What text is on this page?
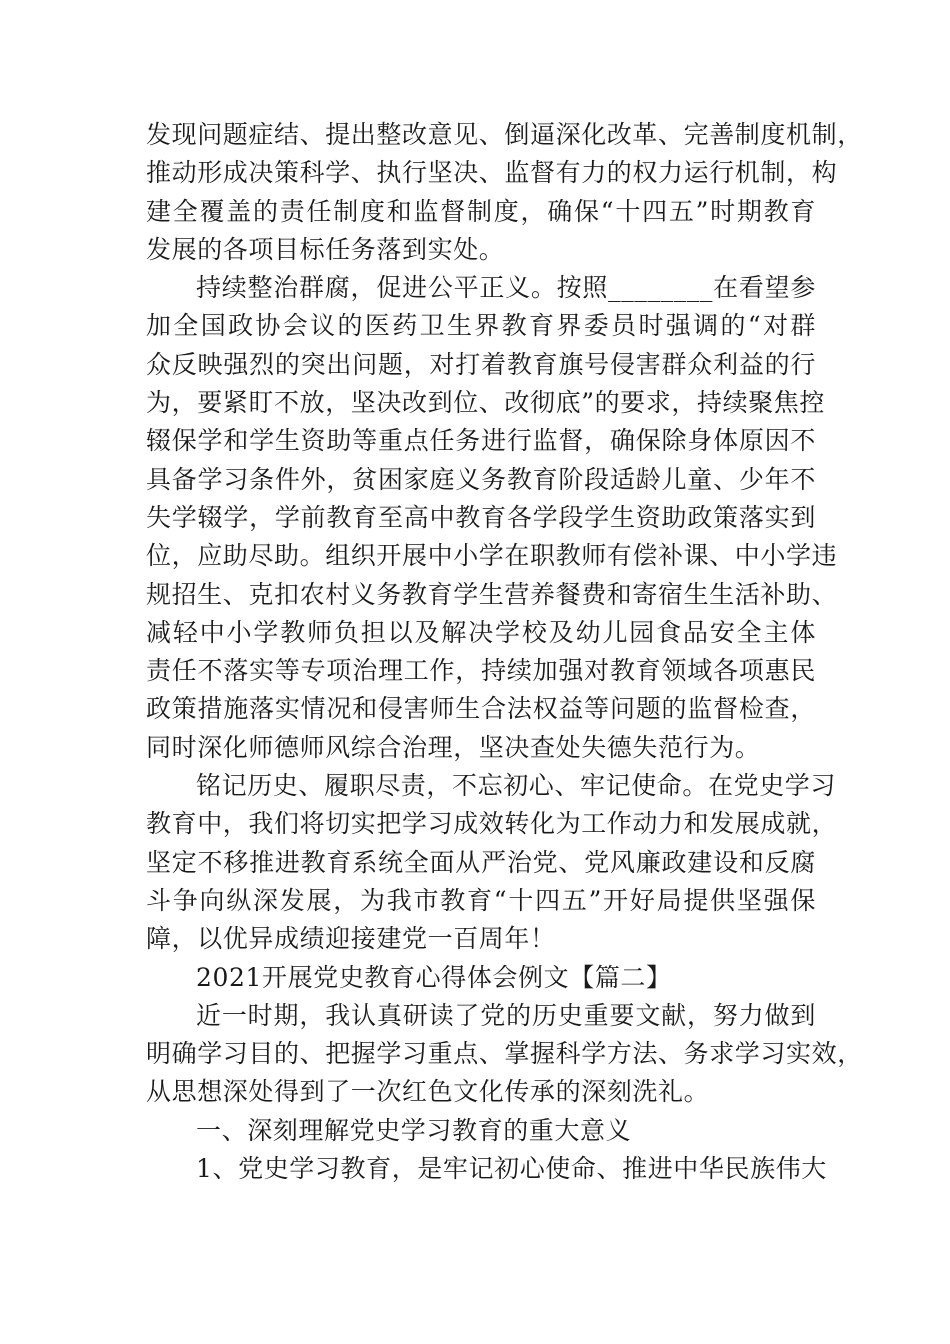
发现问题症结、提出整改意见、倒逼深化改革、完善制度机制，
推动形成决策科学、执行坚决、监督有力的权力运行机制，构
建全覆盖的责任制度和监督制度，确保“十四五”时期教育
发展的各项目标任务落到实处。
持续整治群腐，促进公平正义。按照________在看望参
加全国政协会议的医药卫生界教育界委员时强调的“对群
众反映强烈的突出问题，对打着教育旗号侵害群众利益的行
为，要紧盯不放，坚决改到位、改彻底”的要求，持续聚焦控
辍保学和学生资助等重点任务进行监督，确保除身体原因不
具备学习条件外，贫困家庭义务教育阶段适龄儿童、少年不
失学辍学，学前教育至高中教育各学段学生资助政策落实到
位，应助尽助。组织开展中小学在职教师有偿补课、中小学违
规招生、克扣农村义务教育学生营养餐费和寄宿生生活补助、
减轻中小学教师负担以及解决学校及幼儿园食品安全主体
责任不落实等专项治理工作，持续加强对教育领域各项惠民
政策措施落实情况和侵害师生合法权益等问题的监督检查，
同时深化师德师风综合治理，坚决查处失德失范行为。
铭记历史、履职尽责，不忘初心、牢记使命。在党史学习
教育中，我们将切实把学习成效转化为工作动力和发展成就，
坚定不移推进教育系统全面从严治党、党风廉政建设和反腐
斗争向纵深发展，为我市教育“十四五”开好局提供坚强保
障，以优异成绩迎接建党一百周年！
2021开展党史教育心得体会例文【篇二】
近一时期，我认真研读了党的历史重要文献，努力做到
明确学习目的、把握学习重点、掌握科学方法、务求学习实效，
从思想深处得到了一次红色文化传承的深刻洗礼。
一、深刻理解党史学习教育的重大意义
1、党史学习教育，是牢记初心使命、推进中华民族伟大
